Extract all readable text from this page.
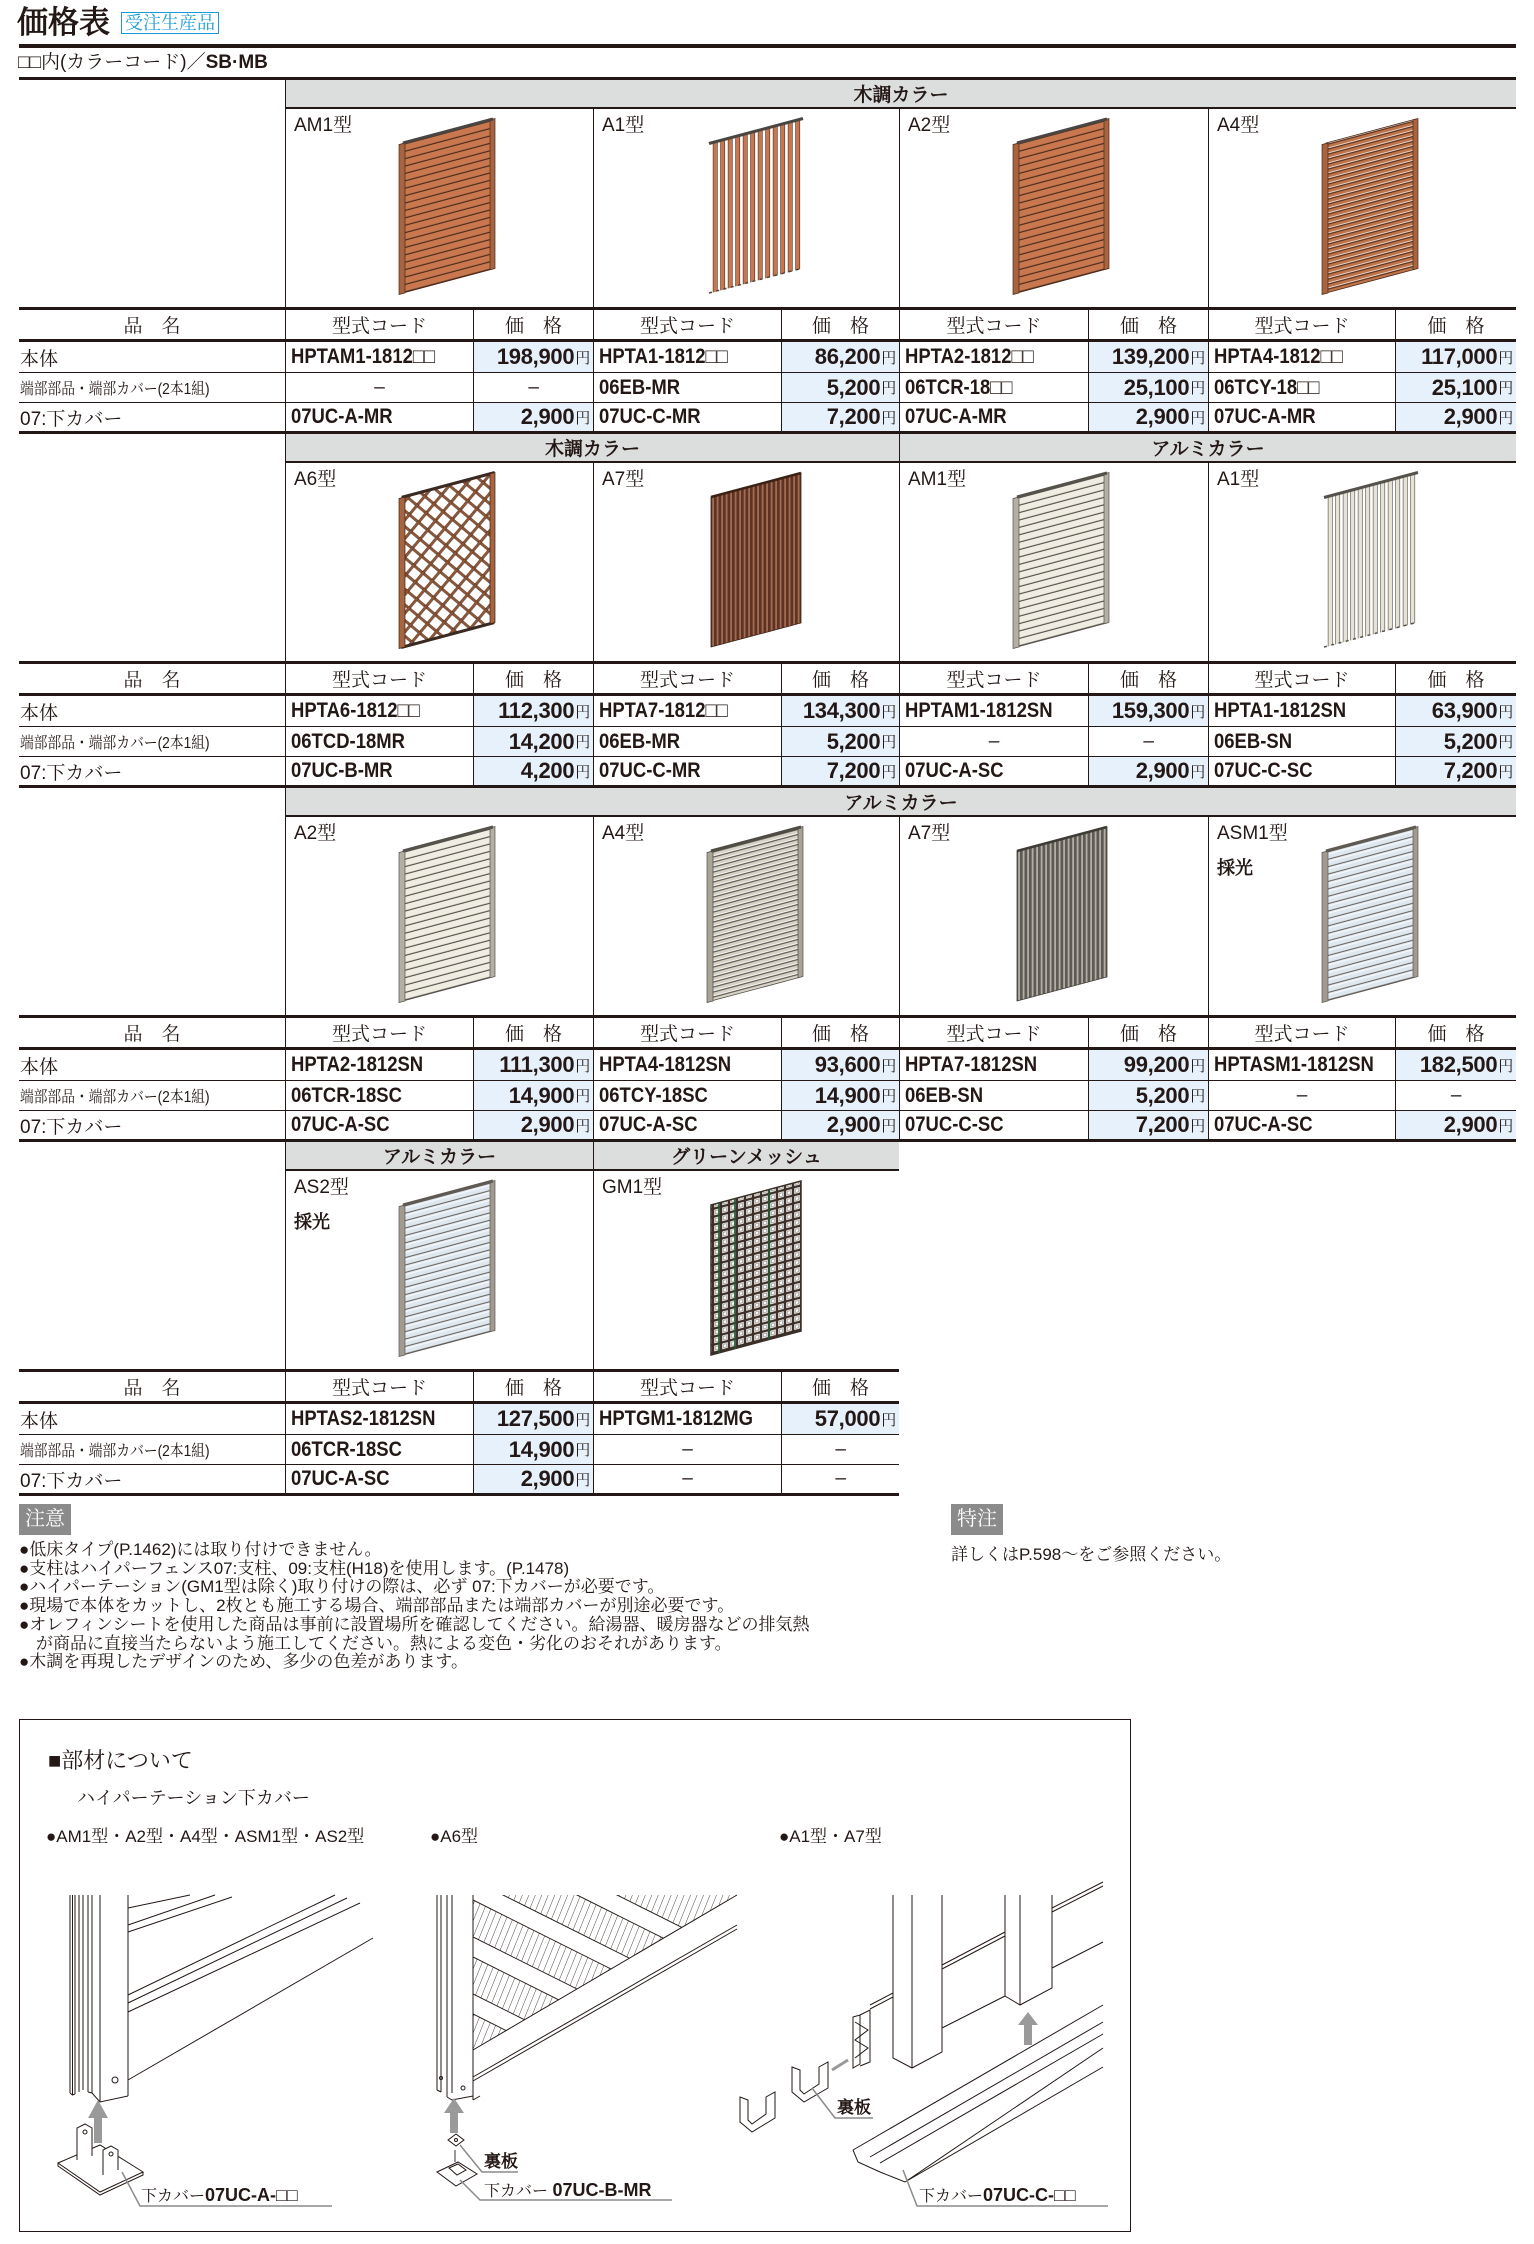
価格表 受注生産品
□□内(カラーコード)／SB·MB
木調カラー
AM1型	A1型	A2型	A4型
品　名	型式コード	価　格	型式コード	価　格	型式コード	価　格	型式コード	価　格
本体	HPTAM1-1812□□	198,900 円 HPTA1-1812□□	86,200 円 HPTA2-1812□□	139,200 円 HPTA4-1812□□	117,000 円
端部部品・端部カバー(2本1組)	–	–	06EB-MR	5,200 円 06TCR-18□□	25,100 円 06TCY-18□□	25,100 円
07:下カバー	07UC-A-MR	2,900 円 07UC-C-MR	7,200 円 07UC-A-MR	2,900 円 07UC-A-MR	2,900 円
木調カラー	アルミカラー
A6型	A7型	AM1型	A1型
品　名	型式コード	価　格	型式コード	価　格	型式コード	価　格	型式コード	価　格
本体	HPTA6-1812□□	112,300 円 HPTA7-1812□□	134,300 円 HPTAM1-1812SN	159,300 円 HPTA1-1812SN	63,900 円
端部部品・端部カバー(2本1組)	06TCD-18MR	14,200 円 06EB-MR	5,200 円	–	–	06EB-SN	5,200 円
07:下カバー	07UC-B-MR	4,200 円 07UC-C-MR	7,200 円 07UC-A-SC	2,900 円 07UC-C-SC	7,200 円
アルミカラー
A2型	A4型	A7型	ASM1型
採光
品　名	型式コード	価　格	型式コード	価　格	型式コード	価　格	型式コード	価　格
本体	HPTA2-1812SN	111,300 円 HPTA4-1812SN	93,600 円 HPTA7-1812SN	99,200 円 HPTASM1-1812SN 182,500 円
端部部品・端部カバー(2本1組)	06TCR-18SC	14,900 円 06TCY-18SC	14,900 円 06EB-SN	5,200 円	–	–
07:下カバー	07UC-A-SC	2,900 円 07UC-A-SC	2,900 円 07UC-C-SC	7,200 円 07UC-A-SC	2,900 円
アルミカラー	グリーンメッシュ
AS2型
採光
GM1型
品　名	型式コード	価　格	型式コード	価　格
本体	HPTAS2-1812SN	127,500 円 HPTGM1-1812MG	57,000 円
端部部品・端部カバー(2本1組)	06TCR-18SC	14,900 円	–	–
07:下カバー	07UC-A-SC	2,900 円	–	–
注意
●低床タイプ(P.1462)には取り付けできません。
●支柱はハイパーフェンス07:支柱、09:支柱(H18)を使用します。(P.1478)
●ハイパーテーション(GM1型は除く)取り付けの際は、必ず 07:下カバーが必要です。
●現場で本体をカットし、2枚とも施工する場合、端部部品または端部カバーが別途必要です。
●オレフィンシートを使用した商品は事前に設置場所を確認してください。給湯器、暖房器などの排気熱
が商品に直接当たらないよう施工してください。熱による変色・劣化のおそれがあります。
●木調を再現したデザインのため、多少の色差があります。
特注
詳しくはP.598～をご参照ください。
■部材について
ハイパーテーション下カバー
●AM1型・A2型・A4型・ASM1型・AS2型	●A6型	●A1型・A7型
下カバー07UC-A-□□
裏板
下カバー 07UC-B-MR
裏板
下カバー07UC-C-□□
